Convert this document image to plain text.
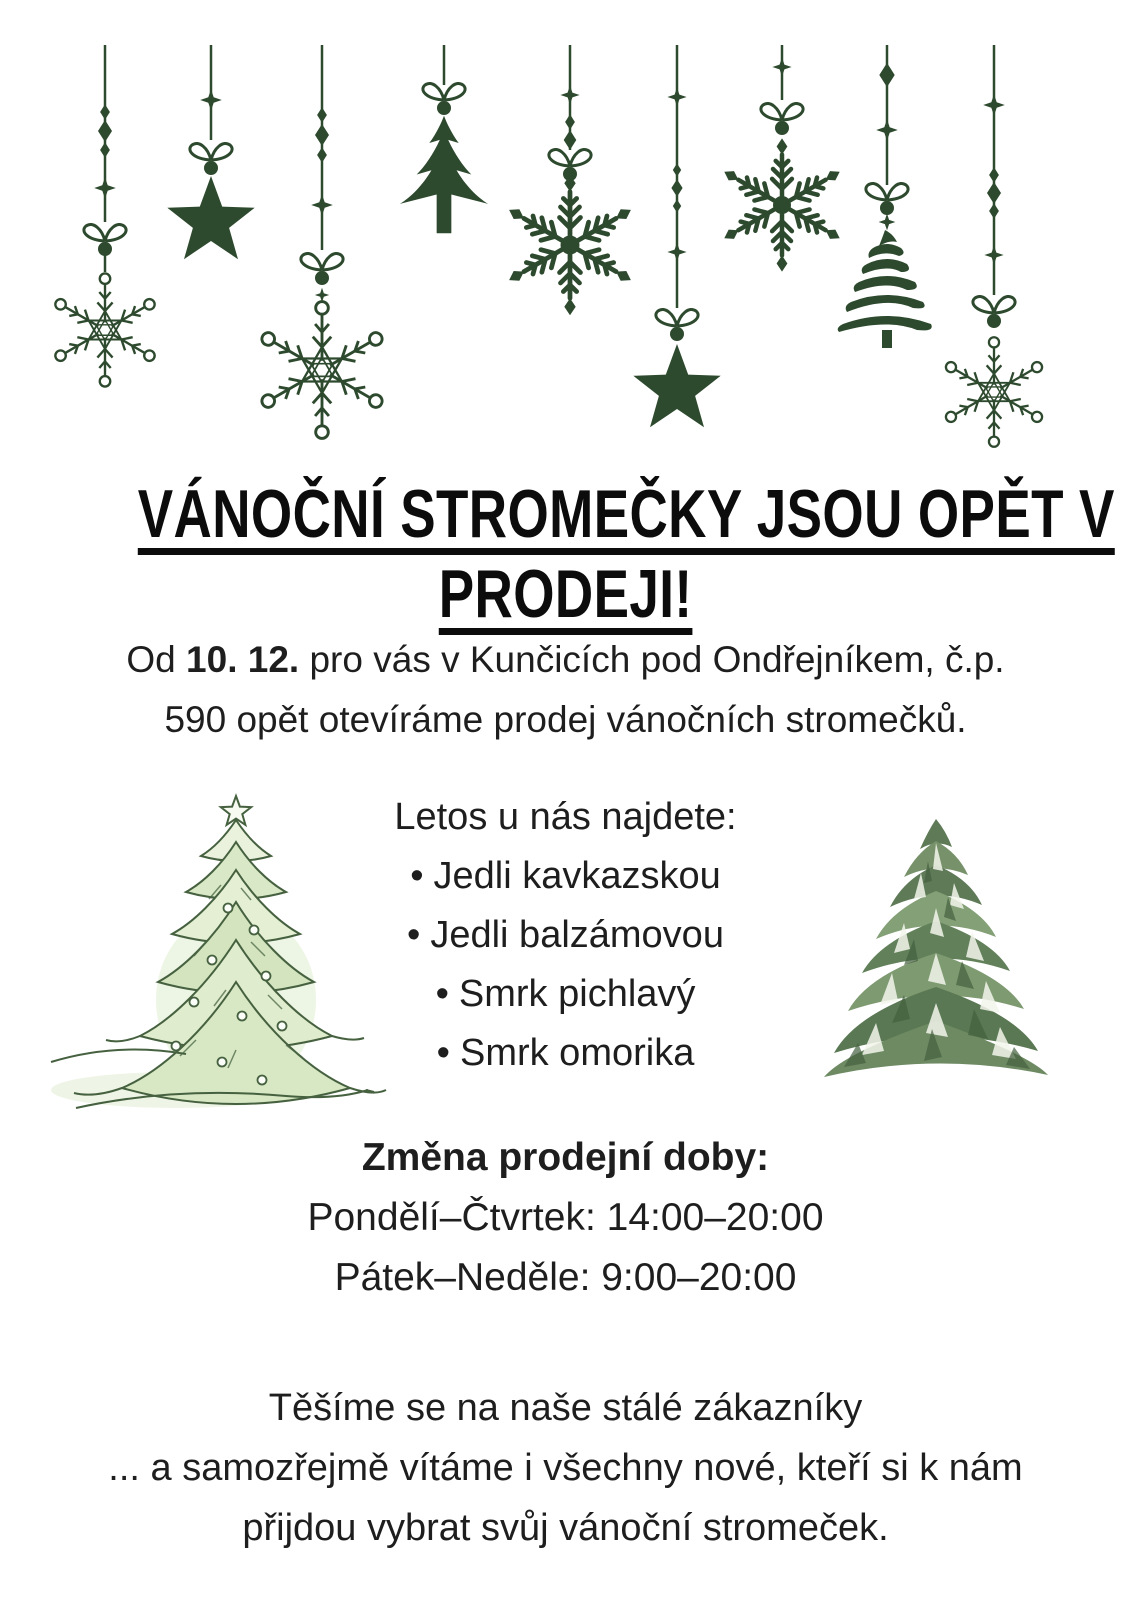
VÁNOČNÍ STROMEČKY JSOU OPĚT V
PRODEJI!

Od 10. 12. pro vás v Kunčicích pod Ondřejníkem, č.p.
590 opět otevíráme prodej vánočních stromečků.

Letos u nás najdete:
• Jedli kavkazskou
• Jedli balzámovou
• Smrk pichlavý
• Smrk omorika
Změna prodejní doby:
Pondělí–Čtvrtek: 14:00–20:00
Pátek–Neděle: 9:00–20:00

Těšíme se na naše stálé zákazníky
... a samozřejmě vítáme i všechny nové, kteří si k nám
přijdou vybrat svůj vánoční stromeček.
